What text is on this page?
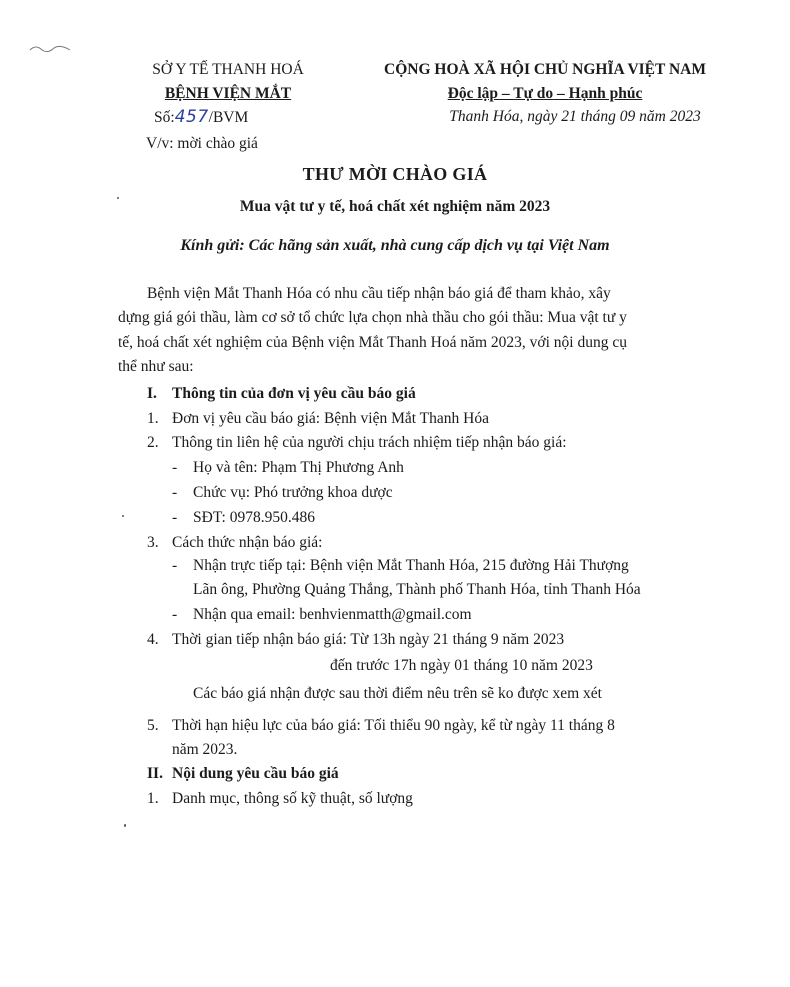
SỞ Y TẾ THANH HOÁ
BỆNH VIỆN MẮT
Số:457/BVM
V/v: mời chào giá
CỘNG HOÀ XÃ HỘI CHỦ NGHĨA VIỆT NAM
Độc lập – Tự do – Hạnh phúc
Thanh Hóa, ngày 21 tháng 09 năm 2023
THƯ MỜI CHÀO GIÁ
Mua vật tư y tế, hoá chất xét nghiệm năm 2023
Kính gửi: Các hãng sản xuất, nhà cung cấp dịch vụ tại Việt Nam
Bệnh viện Mắt Thanh Hóa có nhu cầu tiếp nhận báo giá để tham khảo, xây
dựng giá gói thầu, làm cơ sở tổ chức lựa chọn nhà thầu cho gói thầu: Mua vật tư y
tế, hoá chất xét nghiệm của Bệnh viện Mắt Thanh Hoá năm 2023, với nội dung cụ
thể như sau:
I. Thông tin của đơn vị yêu cầu báo giá
1. Đơn vị yêu cầu báo giá: Bệnh viện Mắt Thanh Hóa
2. Thông tin liên hệ của người chịu trách nhiệm tiếp nhận báo giá:
- Họ và tên: Phạm Thị Phương Anh
- Chức vụ: Phó trưởng khoa dược
- SĐT: 0978.950.486
3. Cách thức nhận báo giá:
- Nhận trực tiếp tại: Bệnh viện Mắt Thanh Hóa, 215 đường Hải Thượng
Lãn ông, Phường Quảng Thắng, Thành phố Thanh Hóa, tỉnh Thanh Hóa
- Nhận qua email: benhvienmatth@gmail.com
4. Thời gian tiếp nhận báo giá: Từ 13h ngày 21 tháng 9 năm 2023
đến trước 17h ngày 01 tháng 10 năm 2023
Các báo giá nhận được sau thời điểm nêu trên sẽ ko được xem xét
5. Thời hạn hiệu lực của báo giá: Tối thiểu 90 ngày, kể từ ngày 11 tháng 8
năm 2023.
II. Nội dung yêu cầu báo giá
1. Danh mục, thông số kỹ thuật, số lượng
